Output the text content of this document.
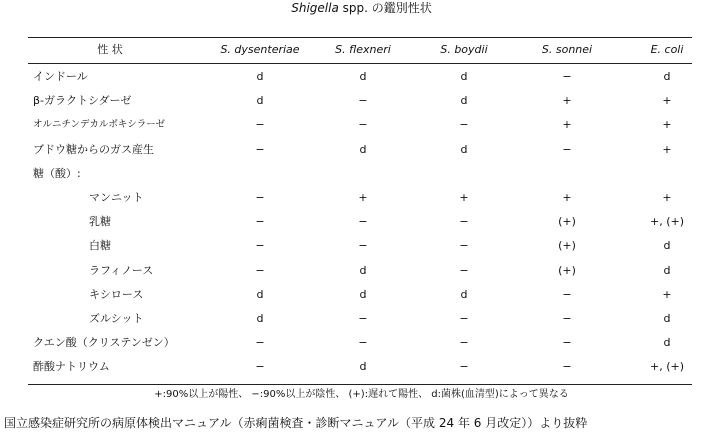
Shigella spp. の鑑別性状
性 状	S. dysenteriae	S. flexneri	S. boydii	S. sonnei	E. coli
インドール	d	d	d	−	d
β-ガラクトシダーゼ	d	−	d	+	+
オルニチンデカルボキシラーゼ	−	−	−	+	+
ブドウ糖からのガス産生	−	d	d	−	+
糖（酸）:
マンニット	−	+	+	+	+
乳糖	−	−	−	(+)	+, (+)
白糖	−	−	−	(+)	d
ラフィノース	−	d	−	(+)	d
キシロース	d	d	d	−	+
ズルシット	d	−	−	−	d
クエン酸（クリステンゼン）	−	−	−	−	d
酢酸ナトリウム	−	d	−	−	+, (+)
+:90%以上が陽性、 −:90%以上が陰性、 (+):遅れて陽性、 d:菌株(血清型)によって異なる
国立感染症研究所の病原体検出マニュアル（赤痢菌検査・診断マニュアル（平成 24 年 6 月改定））より抜粋
